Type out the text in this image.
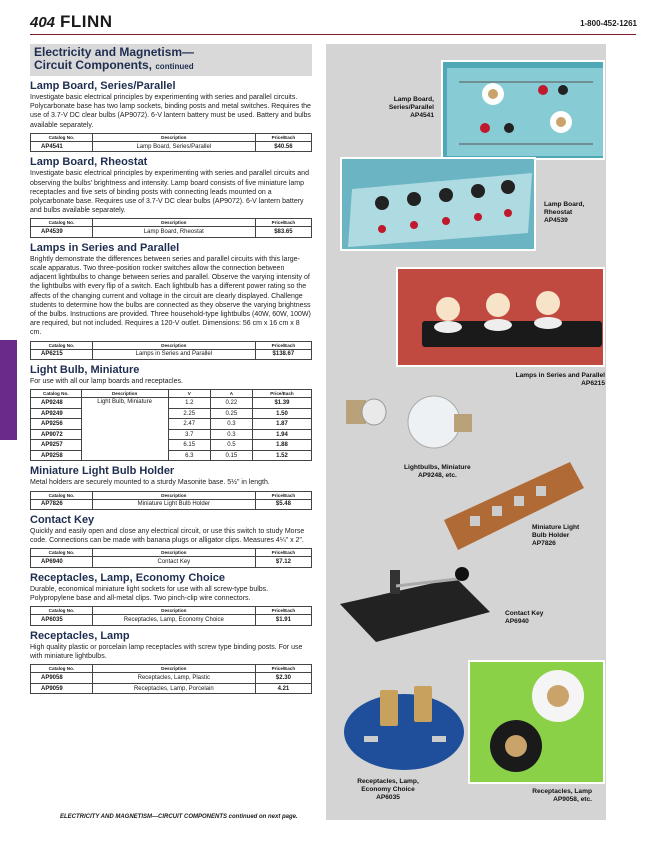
404 FLINN	1-800-452-1261
Electricity and Magnetism—
Circuit Components, continued
Lamp Board, Series/Parallel
Investigate basic electrical principles by experimenting with series and parallel circuits. Polycarbonate base has two lamp sockets, binding posts and metal switches. Requires the use of 3.7-V DC clear bulbs (AP9072). 6-V lantern battery must be used. Battery and bulbs available separately.
Catalog No.	Description	Price/Each
AP4541	Lamp Board, Series/Parallel	$40.56
Lamp Board, Rheostat
Investigate basic electrical principles by experimenting with series and parallel circuits and observing the bulbs' brightness and intensity. Lamp board consists of five miniature lamp receptacles and five sets of binding posts with connecting leads mounted on a polycarbonate base. Requires use of 3.7-V DC clear bulbs (AP9072). 6-V lantern battery and bulbs available separately.
Catalog No.	Description	Price/Each
AP4539	Lamp Board, Rheostat	$83.65
Lamps in Series and Parallel
Brightly demonstrate the differences between series and parallel circuits with this large-scale apparatus. Two three-position rocker switches allow the connection between adjacent lightbulbs to change between series and parallel. Observe the varying intensity of the lightbulbs with every flip of a switch. Each lightbulb has a different power rating so the affects of the changing current and voltage in the circuit are clearly displayed. Challenge students to determine how the bulbs are connected as they observe the varying brightness of the bulbs. Instructions are provided. Three household-type lightbulbs (40W, 60W, 100W) are required, but not included. Requires a 120-V outlet. Dimensions: 56 cm x 16 cm x 8 cm.
Catalog No.	Description	Price/Each
AP6215	Lamps in Series and Parallel	$138.67
Light Bulb, Miniature
For use with all our lamp boards and receptacles.
Catalog No.	Description	V	A	Price/Each
AP9248	Light Bulb, Miniature	1.2	0.22	$1.39
AP9249		2.25	0.25	1.50
AP9256		2.47	0.3	1.87
AP9072		3.7	0.3	1.94
AP9257		6.15	0.5	1.88
AP9258		6.3	0.15	1.52
Miniature Light Bulb Holder
Metal holders are securely mounted to a sturdy Masonite base. 5½" in length.
Catalog No.	Description	Price/Each
AP7826	Miniature Light Bulb Holder	$5.48
Contact Key
Quickly and easily open and close any electrical circuit, or use this switch to study Morse code. Connections can be made with banana plugs or alligator clips. Measures 4¼" x 2".
Catalog No.	Description	Price/Each
AP6940	Contact Key	$7.12
Receptacles, Lamp, Economy Choice
Durable, economical miniature light sockets for use with all screw-type bulbs. Polypropylene base and all-metal clips. Two pinch-clip wire connectors.
Catalog No.	Description	Price/Each
AP6035	Receptacles, Lamp, Economy Choice	$1.91
Receptacles, Lamp
High quality plastic or porcelain lamp receptacles with screw type binding posts. For use with miniature lightbulbs.
Catalog No.	Description	Price/Each
AP9058	Receptacles, Lamp, Plastic	$2.30
AP9059	Receptacles, Lamp, Porcelain	4.21
ELECTRICITY AND MAGNETISM—CIRCUIT COMPONENTS continued on next page.
Lamp Board,
Series/Parallel
AP4541
Lamp Board,
Rheostat
AP4539
Lamps in Series and Parallel
AP6215
Lightbulbs, Miniature
AP9248, etc.
Miniature Light
Bulb Holder
AP7826
Contact Key
AP6940
Receptacles, Lamp,
Economy Choice
AP6035
Receptacles, Lamp
AP9058, etc.
